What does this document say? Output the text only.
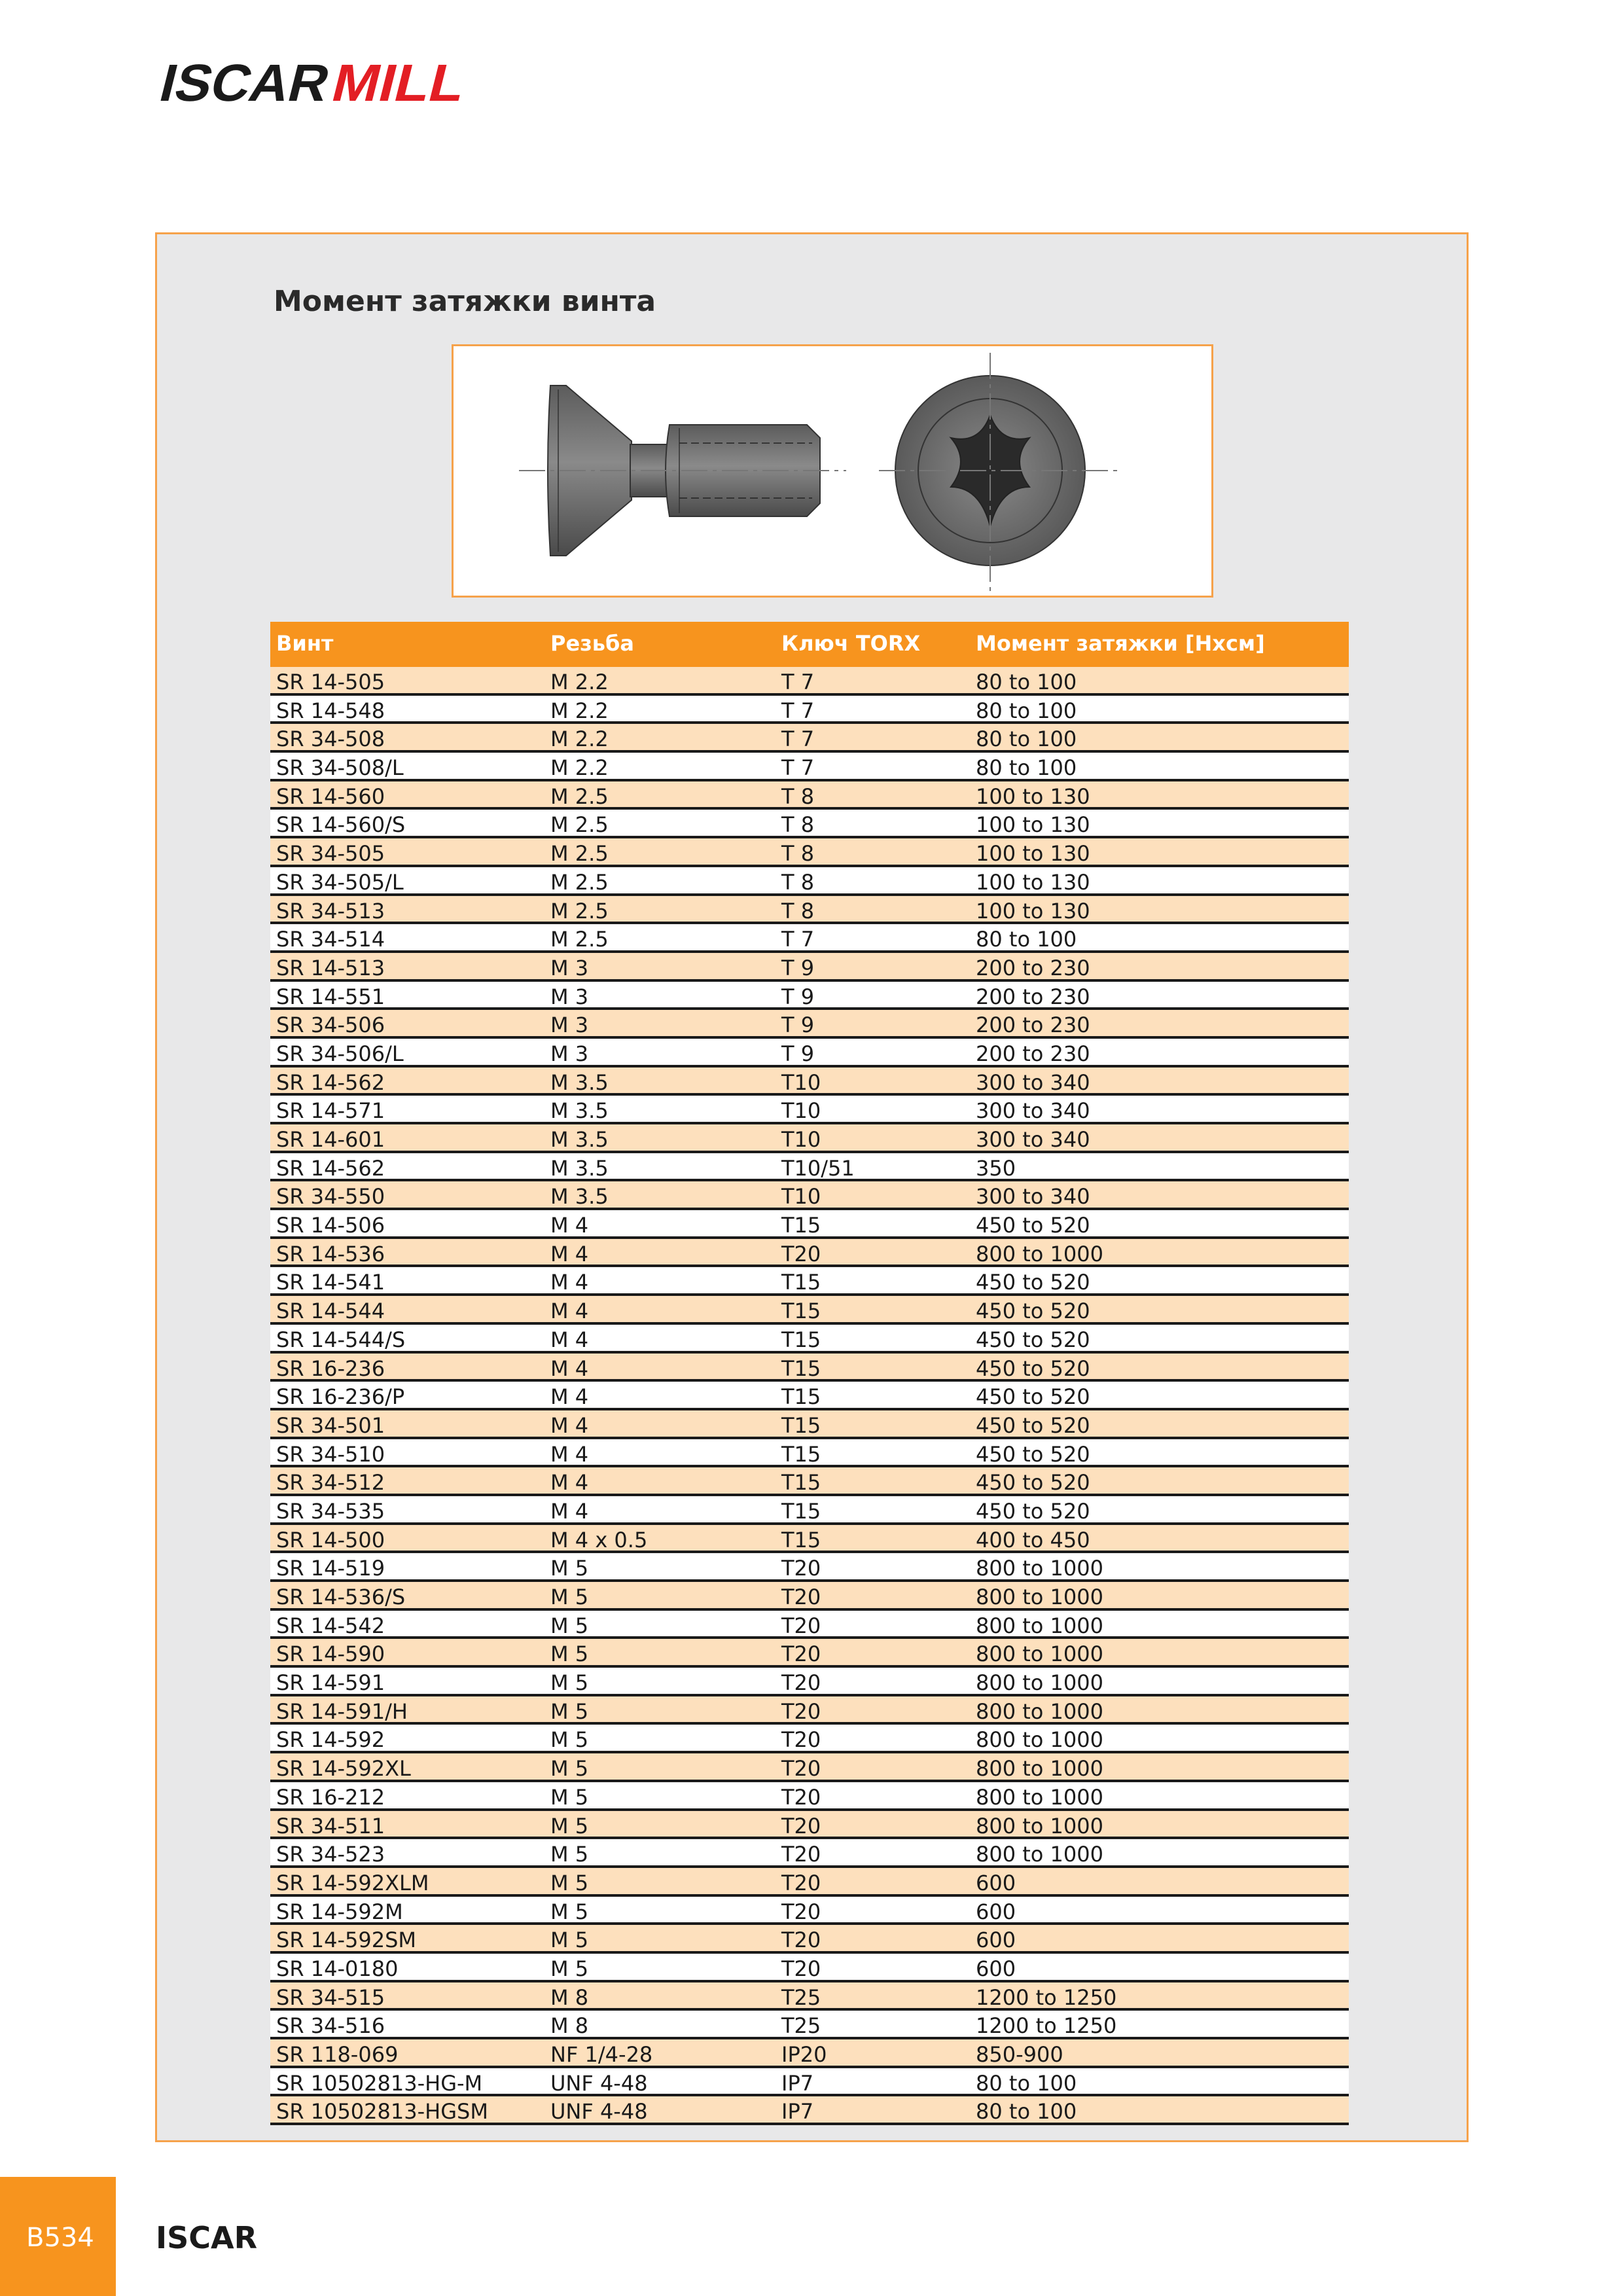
ISCAR
MILL
Момент затяжки винта
Винт	Резьба	Ключ TORX	Момент затяжки [Нхсм]
SR 14-505	M 2.2	T 7	80 to 100
SR 14-548	M 2.2	T 7	80 to 100
SR 34-508	M 2.2	T 7	80 to 100
SR 34-508/L	M 2.2	T 7	80 to 100
SR 14-560	M 2.5	T 8	100 to 130
SR 14-560/S	M 2.5	T 8	100 to 130
SR 34-505	M 2.5	T 8	100 to 130
SR 34-505/L	M 2.5	T 8	100 to 130
SR 34-513	M 2.5	T 8	100 to 130
SR 34-514	M 2.5	T 7	80 to 100
SR 14-513	M 3	T 9	200 to 230
SR 14-551	M 3	T 9	200 to 230
SR 34-506	M 3	T 9	200 to 230
SR 34-506/L	M 3	T 9	200 to 230
SR 14-562	M 3.5	T10	300 to 340
SR 14-571	M 3.5	T10	300 to 340
SR 14-601	M 3.5	T10	300 to 340
SR 14-562	M 3.5	T10/51	350
SR 34-550	M 3.5	T10	300 to 340
SR 14-506	M 4	T15	450 to 520
SR 14-536	M 4	T20	800 to 1000
SR 14-541	M 4	T15	450 to 520
SR 14-544	M 4	T15	450 to 520
SR 14-544/S	M 4	T15	450 to 520
SR 16-236	M 4	T15	450 to 520
SR 16-236/P	M 4	T15	450 to 520
SR 34-501	M 4	T15	450 to 520
SR 34-510	M 4	T15	450 to 520
SR 34-512	M 4	T15	450 to 520
SR 34-535	M 4	T15	450 to 520
SR 14-500	M 4 x 0.5	T15	400 to 450
SR 14-519	M 5	T20	800 to 1000
SR 14-536/S	M 5	T20	800 to 1000
SR 14-542	M 5	T20	800 to 1000
SR 14-590	M 5	T20	800 to 1000
SR 14-591	M 5	T20	800 to 1000
SR 14-591/H	M 5	T20	800 to 1000
SR 14-592	M 5	T20	800 to 1000
SR 14-592XL	M 5	T20	800 to 1000
SR 16-212	M 5	T20	800 to 1000
SR 34-511	M 5	T20	800 to 1000
SR 34-523	M 5	T20	800 to 1000
SR 14-592XLM	M 5	T20	600
SR 14-592M	M 5	T20	600
SR 14-592SM	M 5	T20	600
SR 14-0180	M 5	T20	600
SR 34-515	M 8	T25	1200 to 1250
SR 34-516	M 8	T25	1200 to 1250
SR 118-069	NF 1/4-28	IP20	850-900
SR 10502813-HG-M	UNF 4-48	IP7	80 to 100
SR 10502813-HGSM	UNF 4-48	IP7	80 to 100
B534 ISCAR
